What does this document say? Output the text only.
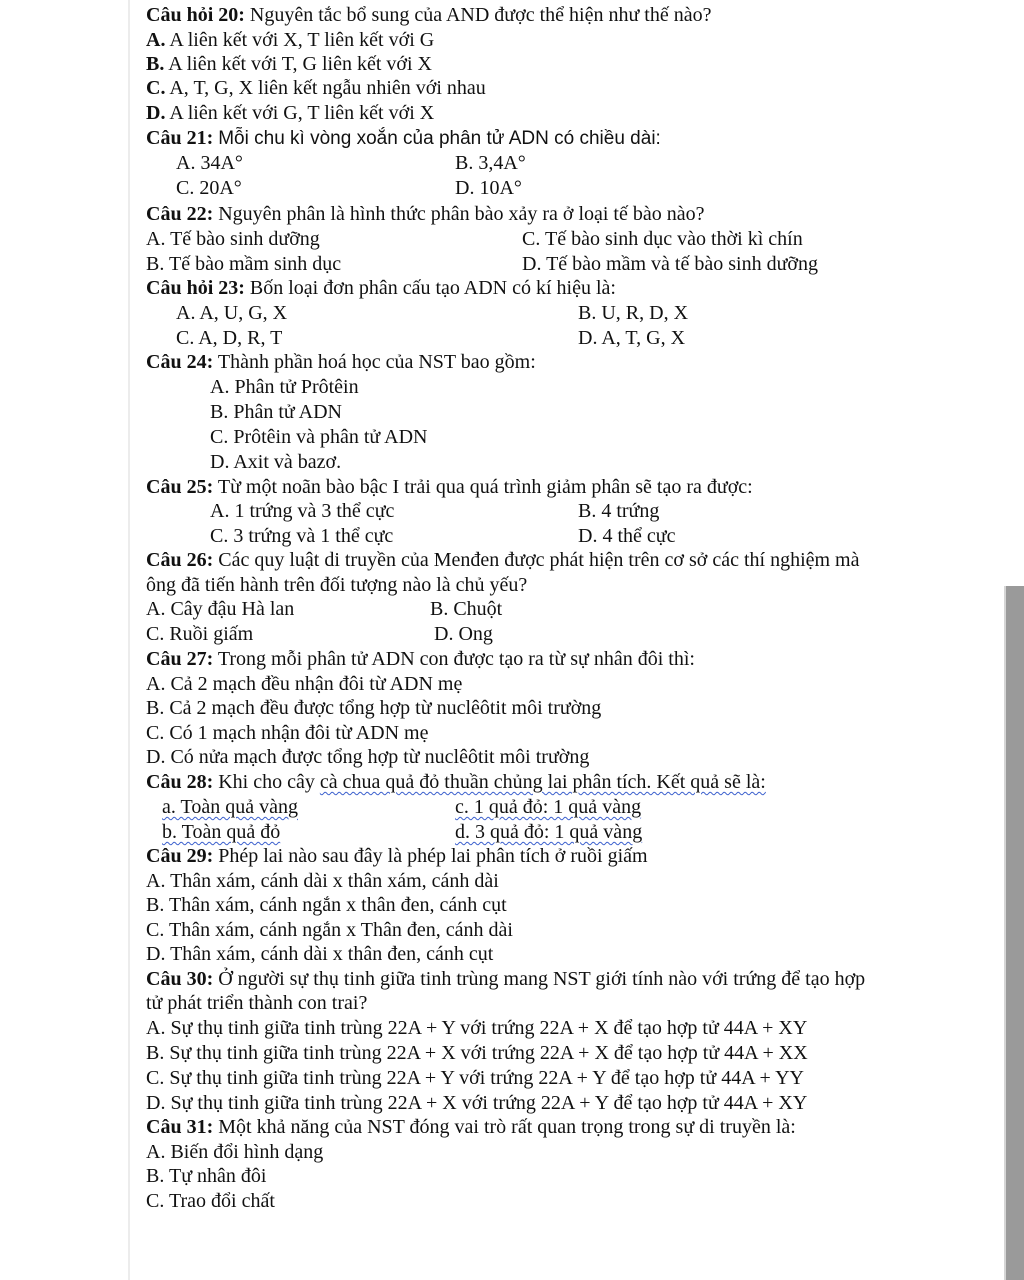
Câu hỏi 20: Nguyên tắc bổ sung của AND được thể hiện như thế nào?
A. A liên kết với X, T liên kết với G
B. A liên kết với T, G liên kết với X
C. A, T, G, X liên kết ngẫu nhiên với nhau
D. A liên kết với G, T liên kết với X
Câu 21: Mỗi chu kì vòng xoắn của phân tử ADN có chiều dài:
A. 34A°	B. 3,4A°
C. 20A°	D. 10A°
Câu 22: Nguyên phân là hình thức phân bào xảy ra ở loại tế bào nào?
A. Tế bào sinh dưỡng	C. Tế bào sinh dục vào thời kì chín
B. Tế bào mầm sinh dục	D. Tế bào mầm và tế bào sinh dưỡng
Câu hỏi 23: Bốn loại đơn phân cấu tạo ADN có kí hiệu là:
A. A, U, G, X	B. U, R, D, X
C. A, D, R, T	D. A, T, G, X
Câu 24: Thành phần hoá học của NST bao gồm:
A. Phân tử Prôtêin
B. Phân tử ADN
C. Prôtêin và phân tử ADN
D. Axit và bazơ.
Câu 25: Từ một noãn bào bậc I trải qua quá trình giảm phân sẽ tạo ra được:
A. 1 trứng và 3 thể cực	B. 4 trứng
C. 3 trứng và 1 thể cực	D. 4 thể cực
Câu 26: Các quy luật di truyền của Menđen được phát hiện trên cơ sở các thí nghiệm mà
ông đã tiến hành trên đối tượng nào là chủ yếu?
A. Cây đậu Hà lan	B. Chuột
C. Ruồi giấm	D. Ong
Câu 27: Trong mỗi phân tử ADN con được tạo ra từ sự nhân đôi thì:
A. Cả 2 mạch đều nhận đôi từ ADN mẹ
B. Cả 2 mạch đều được tổng hợp từ nuclêôtit môi trường
C. Có 1 mạch nhận đôi từ ADN mẹ
D. Có nửa mạch được tổng hợp từ nuclêôtit môi trường
Câu 28: Khi cho cây cà chua quả đỏ thuần chủng lai phân tích. Kết quả sẽ là:
a. Toàn quả vàng	c. 1 quả đỏ: 1 quả vàng
b. Toàn quả đỏ	d. 3 quả đỏ: 1 quả vàng
Câu 29: Phép lai nào sau đây là phép lai phân tích ở ruồi giấm
A. Thân xám, cánh dài x thân xám, cánh dài
B. Thân xám, cánh ngắn x thân đen, cánh cụt
C. Thân xám, cánh ngắn x Thân đen, cánh dài
D. Thân xám, cánh dài x thân đen, cánh cụt
Câu 30: Ở người sự thụ tinh giữa tinh trùng mang NST giới tính nào với trứng để tạo hợp
tử phát triển thành con trai?
A. Sự thụ tinh giữa tinh trùng 22A + Y với trứng 22A + X để tạo hợp tử 44A + XY
B. Sự thụ tinh giữa tinh trùng 22A + X với trứng 22A + X để tạo hợp tử 44A + XX
C. Sự thụ tinh giữa tinh trùng 22A + Y với trứng 22A + Y để tạo hợp tử 44A + YY
D. Sự thụ tinh giữa tinh trùng 22A + X với trứng 22A + Y để tạo hợp tử 44A + XY
Câu 31: Một khả năng của NST đóng vai trò rất quan trọng trong sự di truyền là:
A. Biến đổi hình dạng
B. Tự nhân đôi
C. Trao đổi chất
